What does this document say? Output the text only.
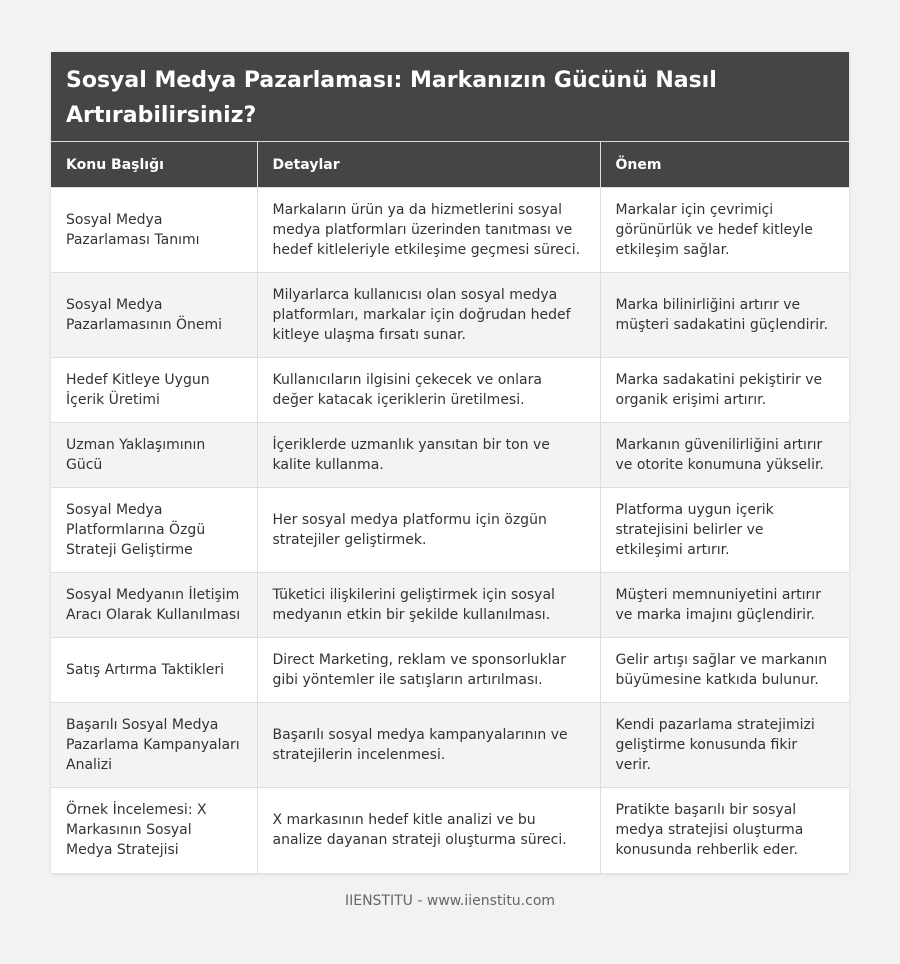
Sosyal Medya Pazarlaması: Markanızın Gücünü Nasıl Artırabilirsiniz?
Konu Başlığı	Detaylar	Önem
Sosyal Medya Pazarlaması Tanımı	Markaların ürün ya da hizmetlerini sosyal medya platformları üzerinden tanıtması ve hedef kitleleriyle etkileşime geçmesi süreci.	Markalar için çevrimiçi görünürlük ve hedef kitleyle etkileşim sağlar.
Sosyal Medya Pazarlamasının Önemi	Milyarlarca kullanıcısı olan sosyal medya platformları, markalar için doğrudan hedef kitleye ulaşma fırsatı sunar.	Marka bilinirliğini artırır ve müşteri sadakatini güçlendirir.
Hedef Kitleye Uygun İçerik Üretimi	Kullanıcıların ilgisini çekecek ve onlara değer katacak içeriklerin üretilmesi.	Marka sadakatini pekiştirir ve organik erişimi artırır.
Uzman Yaklaşımının Gücü	İçeriklerde uzmanlık yansıtan bir ton ve kalite kullanma.	Markanın güvenilirliğini artırır ve otorite konumuna yükselir.
Sosyal Medya Platformlarına Özgü Strateji Geliştirme	Her sosyal medya platformu için özgün stratejiler geliştirmek.	Platforma uygun içerik stratejisini belirler ve etkileşimi artırır.
Sosyal Medyanın İletişim Aracı Olarak Kullanılması	Tüketici ilişkilerini geliştirmek için sosyal medyanın etkin bir şekilde kullanılması.	Müşteri memnuniyetini artırır ve marka imajını güçlendirir.
Satış Artırma Taktikleri	Direct Marketing, reklam ve sponsorluklar gibi yöntemler ile satışların artırılması.	Gelir artışı sağlar ve markanın büyümesine katkıda bulunur.
Başarılı Sosyal Medya Pazarlama Kampanyaları Analizi	Başarılı sosyal medya kampanyalarının ve stratejilerin incelenmesi.	Kendi pazarlama stratejimizi geliştirme konusunda fikir verir.
Örnek İncelemesi: X Markasının Sosyal Medya Stratejisi	X markasının hedef kitle analizi ve bu analize dayanan strateji oluşturma süreci.	Pratikte başarılı bir sosyal medya stratejisi oluşturma konusunda rehberlik eder.
IIENSTITU - www.iienstitu.com
